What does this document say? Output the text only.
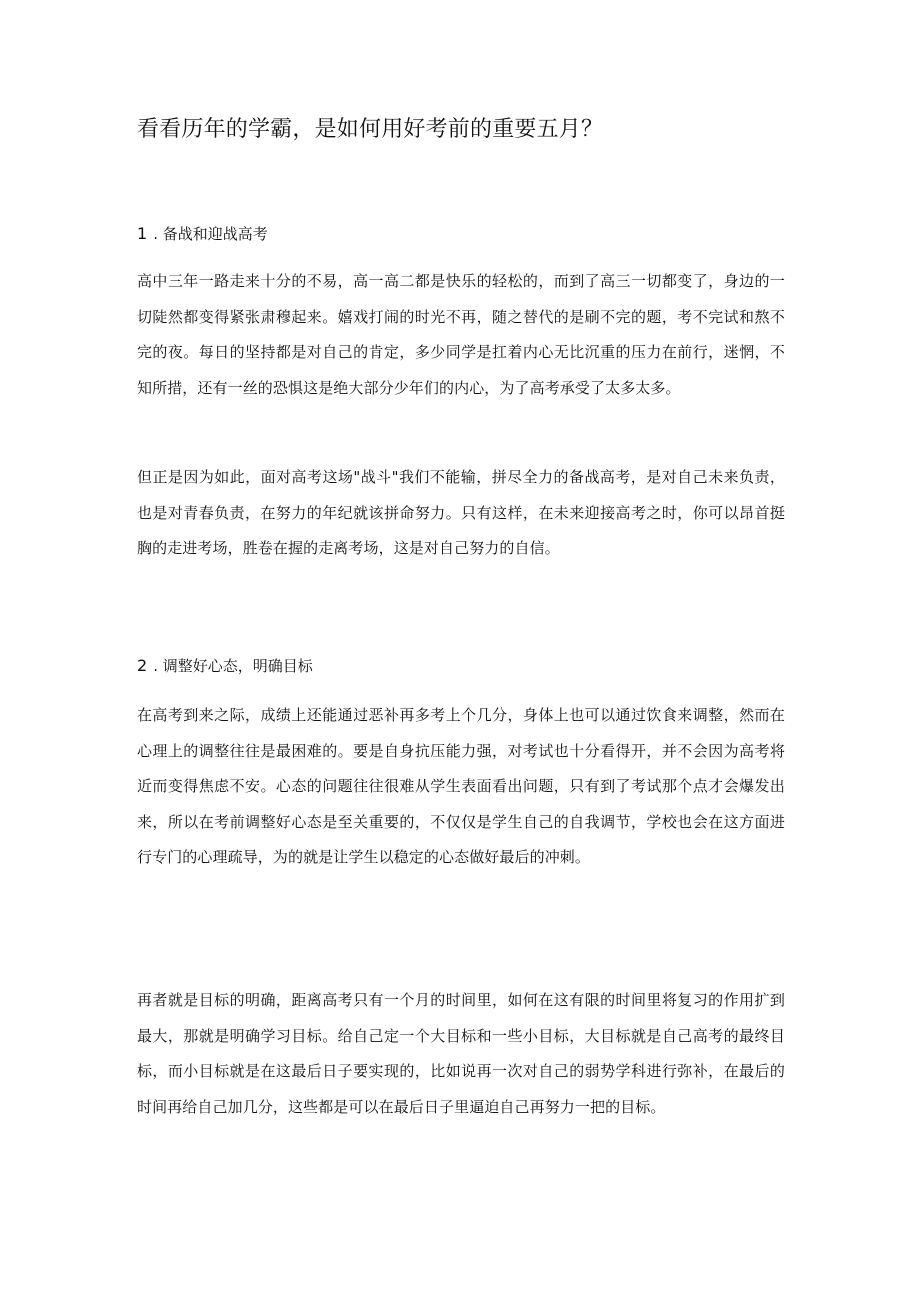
看看历年的学霸，是如何用好考前的重要五月？
1 . 备战和迎战高考

高中三年一路走来十分的不易，高一高二都是快乐的轻松的，而到了高三一切都变了，身边的一切陡然都变得紧张肃穆起来。嬉戏打闹的时光不再，随之替代的是刷不完的题，考不完试和熬不完的夜。每日的坚持都是对自己的肯定，多少同学是扛着内心无比沉重的压力在前行，迷惘，不知所措，还有一丝的恐惧这是绝大部分少年们的内心，为了高考承受了太多太多。

但正是因为如此，面对高考这场"战斗"我们不能输，拼尽全力的备战高考，是对自己未来负责，也是对青春负责，在努力的年纪就该拼命努力。只有这样，在未来迎接高考之时，你可以昂首挺胸的走进考场，胜卷在握的走离考场，这是对自己努力的自信。

2 . 调整好心态，明确目标

在高考到来之际，成绩上还能通过恶补再多考上个几分，身体上也可以通过饮食来调整，然而在心理上的调整往往是最困难的。要是自身抗压能力强，对考试也十分看得开，并不会因为高考将近而变得焦虑不安。心态的问题往往很难从学生表面看出问题，只有到了考试那个点才会爆发出来，所以在考前调整好心态是至关重要的，不仅仅是学生自己的自我调节，学校也会在这方面进行专门的心理疏导，为的就是让学生以稳定的心态做好最后的冲刺。

再者就是目标的明确，距离高考只有一个月的时间里，如何在这有限的时间里将复习的作用扩到最大，那就是明确学习目标。给自己定一个大目标和一些小目标，大目标就是自己高考的最终目标，而小目标就是在这最后日子要实现的，比如说再一次对自己的弱势学科进行弥补，在最后的时间再给自己加几分，这些都是可以在最后日子里逼迫自己再努力一把的目标。
